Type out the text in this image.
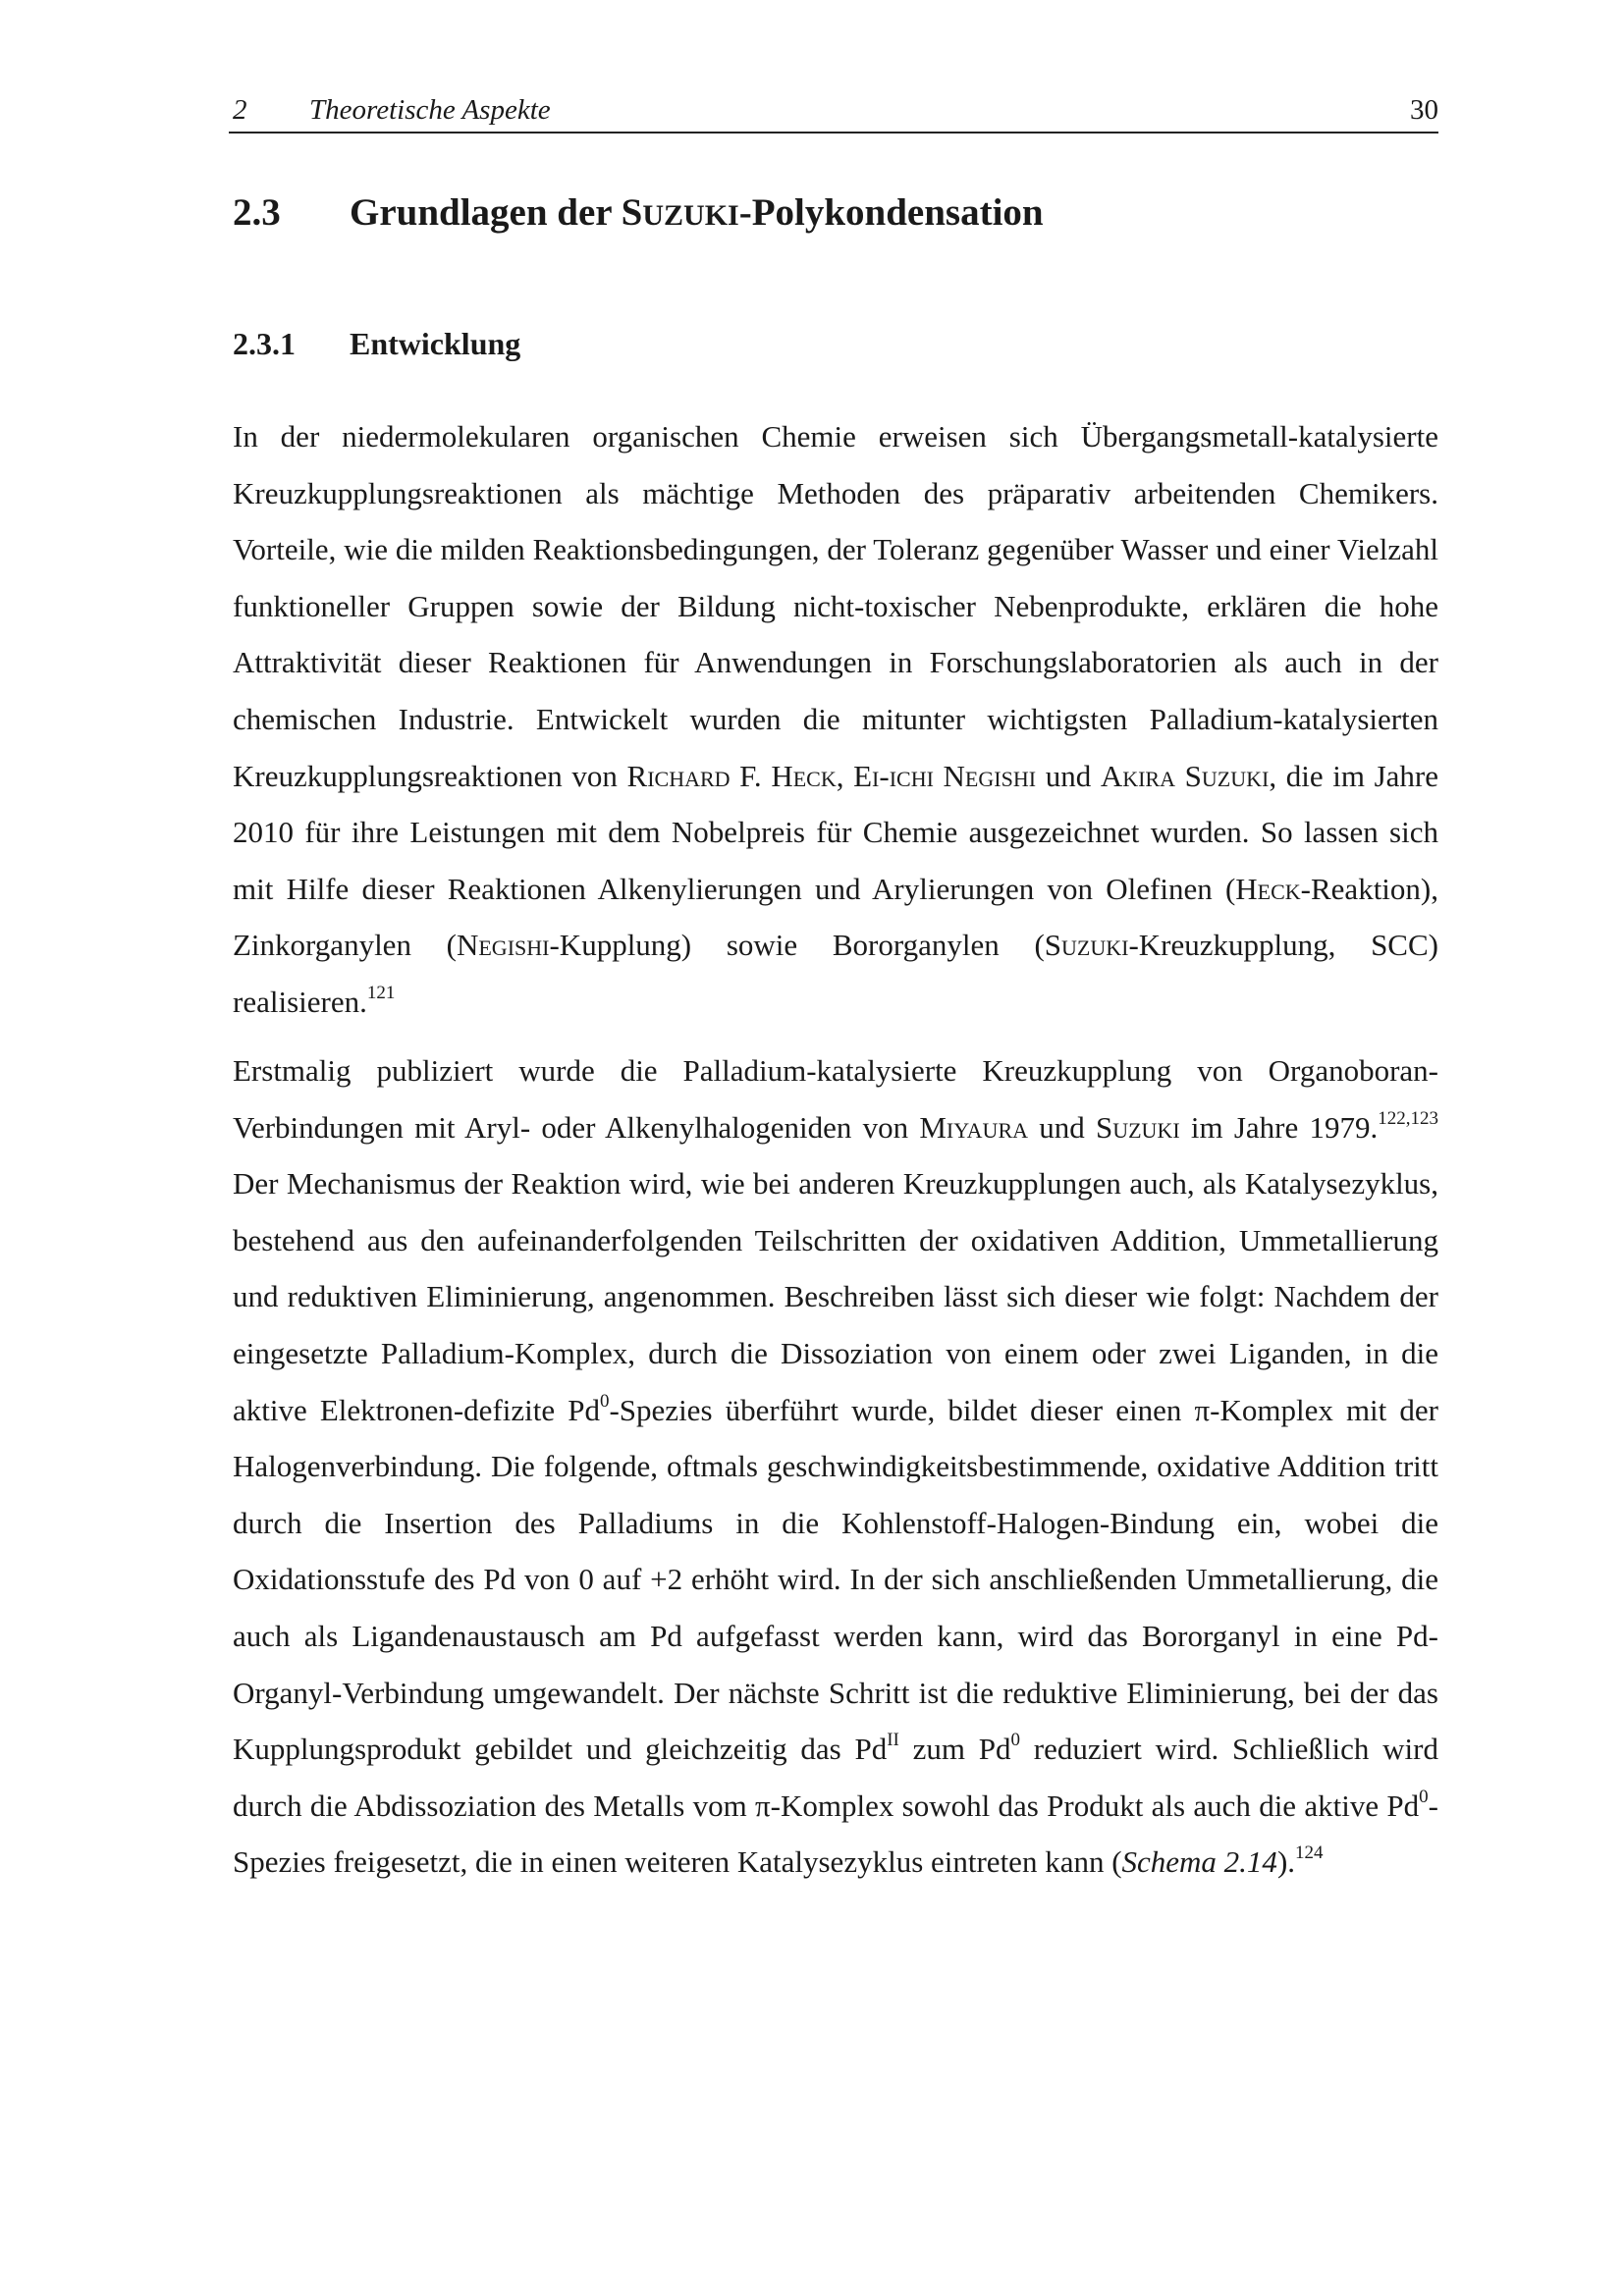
2 Theoretische Aspekte	30
2.3 Grundlagen der SUZUKI-Polykondensation
2.3.1 Entwicklung
In der niedermolekularen organischen Chemie erweisen sich Übergangsmetall-katalysierte Kreuzkupplungsreaktionen als mächtige Methoden des präparativ arbeitenden Chemikers. Vorteile, wie die milden Reaktionsbedingungen, der Toleranz gegenüber Wasser und einer Vielzahl funktioneller Gruppen sowie der Bildung nicht-toxischer Nebenprodukte, erklären die hohe Attraktivität dieser Reaktionen für Anwendungen in Forschungslaboratorien als auch in der chemischen Industrie. Entwickelt wurden die mitunter wichtigsten Palladium-katalysierten Kreuzkupplungsreaktionen von Richard F. Heck, Ei-ichi Negishi und Akira Suzuki, die im Jahre 2010 für ihre Leistungen mit dem Nobelpreis für Chemie ausgezeichnet wurden. So lassen sich mit Hilfe dieser Reaktionen Alkenylierungen und Arylierungen von Olefinen (Heck-Reaktion), Zinkorganylen (Negishi-Kupplung) sowie Bororganylen (Suzuki-Kreuzkupplung, SCC) realisieren.$^{121}$
Erstmalig publiziert wurde die Palladium-katalysierte Kreuzkupplung von Organoboran-Verbindungen mit Aryl- oder Alkenylhalogeniden von Miyaura und Suzuki im Jahre 1979.$^{122,123}$ Der Mechanismus der Reaktion wird, wie bei anderen Kreuzkupplungen auch, als Katalysezyklus, bestehend aus den aufeinanderfolgenden Teilschritten der oxidativen Addition, Ummetallierung und reduktiven Eliminierung, angenommen. Beschreiben lässt sich dieser wie folgt: Nachdem der eingesetzte Palladium-Komplex, durch die Dissoziation von einem oder zwei Liganden, in die aktive Elektronen-defizite Pd$^0$-Spezies überführt wurde, bildet dieser einen π-Komplex mit der Halogenverbindung. Die folgende, oftmals geschwindigkeitsbestimmende, oxidative Addition tritt durch die Insertion des Palladiums in die Kohlenstoff-Halogen-Bindung ein, wobei die Oxidationsstufe des Pd von 0 auf +2 erhöht wird. In der sich anschließenden Ummetallierung, die auch als Ligandenaustausch am Pd aufgefasst werden kann, wird das Bororganyl in eine Pd-Organyl-Verbindung umgewandelt. Der nächste Schritt ist die reduktive Eliminierung, bei der das Kupplungsprodukt gebildet und gleichzeitig das $Pd^{II}$ zum Pd$^0$ reduziert wird. Schließlich wird durch die Abdissoziation des Metalls vom π-Komplex sowohl das Produkt als auch die aktive Pd$^0$-Spezies freigesetzt, die in einen weiteren Katalysezyklus eintreten kann (Schema 2.14).$^{124}$
